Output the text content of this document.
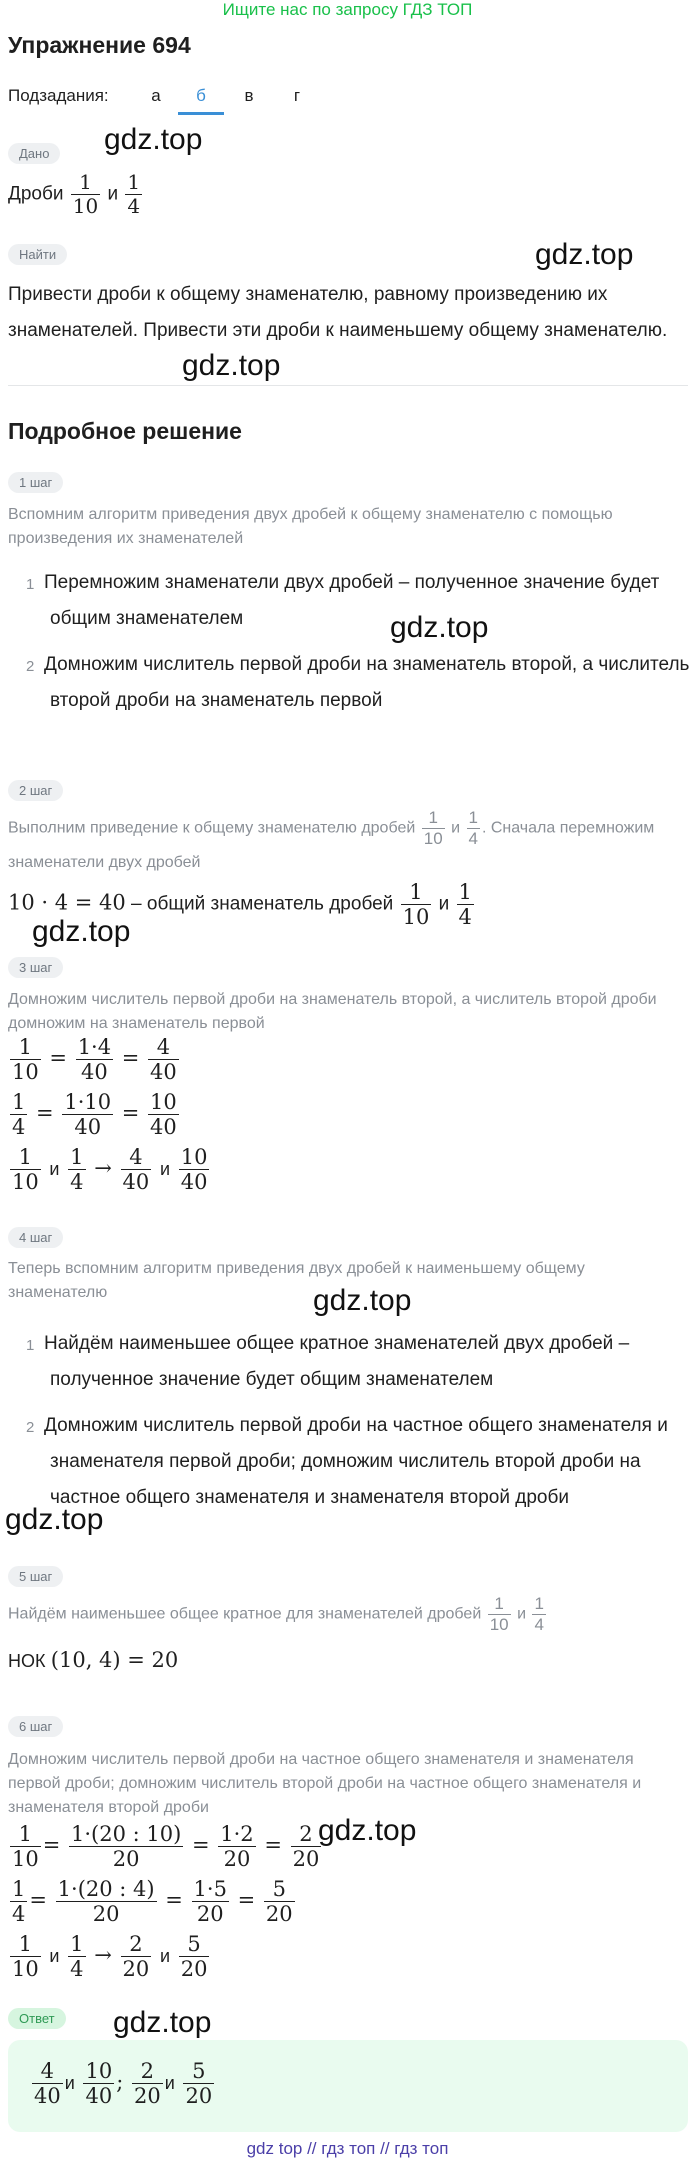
Ищите нас по запросу ГДЗ ТОП
Упражнение 694
Подзадания:	а	б	в	г
gdz.top
gdz.top
gdz.top
gdz.top
gdz.top
gdz.top
gdz.top
gdz.top
gdz.top
Дано
Дроби $\frac{1}{10}$ и $\frac{1}{4}$
Найти
Привести дроби к общему знаменателю, равному произведению их
знаменателей. Привести эти дроби к наименьшему общему знаменателю.
Подробное решение
1 шаг
Вспомним алгоритм приведения двух дробей к общему знаменателю с помощью
произведения их знаменателей
1 Перемножим знаменатели двух дробей – полученное значение будет
общим знаменателем
2 Домножим числитель первой дроби на знаменатель второй, а числитель
второй дроби на знаменатель первой
2 шаг
Выполним приведение к общему знаменателю дробей $\frac{1}{10}$ и $\frac{1}{4}$ . Сначала перемножим
знаменатели двух дробей
10 · 4 = 40 – общий знаменатель дробей $\frac{1}{10}$ и $\frac{1}{4}$
3 шаг
Домножим числитель первой дроби на знаменатель второй, а числитель второй дроби
домножим на знаменатель первой
$\frac{1}{10} = \frac{1\cdot 4}{40} = \frac{4}{40}$
$\frac{1}{4} = \frac{1\cdot 10}{40} = \frac{10}{40}$
$\frac{1}{10}$ и $\frac{1}{4} \to \frac{4}{40}$ и $\frac{10}{40}$
4 шаг
Теперь вспомним алгоритм приведения двух дробей к наименьшему общему
знаменателю
1 Найдём наименьшее общее кратное знаменателей двух дробей –
полученное значение будет общим знаменателем
2 Домножим числитель первой дроби на частное общего знаменателя и
знаменателя первой дроби; домножим числитель второй дроби на
частное общего знаменателя и знаменателя второй дроби
5 шаг
Найдём наименьшее общее кратное для знаменателей дробей $\frac{1}{10}$ и $\frac{1}{4}$
НОК (10, 4) = 20
6 шаг
Домножим числитель первой дроби на частное общего знаменателя и знаменателя
первой дроби; домножим числитель второй дроби на частное общего знаменателя и
знаменателя второй дроби
$\frac{1}{10} = \frac{1\cdot(20 : 10)}{20} = \frac{1\cdot 2}{20} = \frac{2}{20}$
$\frac{1}{4} = \frac{1\cdot(20 : 4)}{20} = \frac{1\cdot 5}{20} = \frac{5}{20}$
$\frac{1}{10}$ и $\frac{1}{4} \to \frac{2}{20}$ и $\frac{5}{20}$
Ответ
$\frac{4}{40}$ и $\frac{10}{40}$ ; $\frac{2}{20}$ и $\frac{5}{20}$
gdz top // гдз топ // гдз топ
